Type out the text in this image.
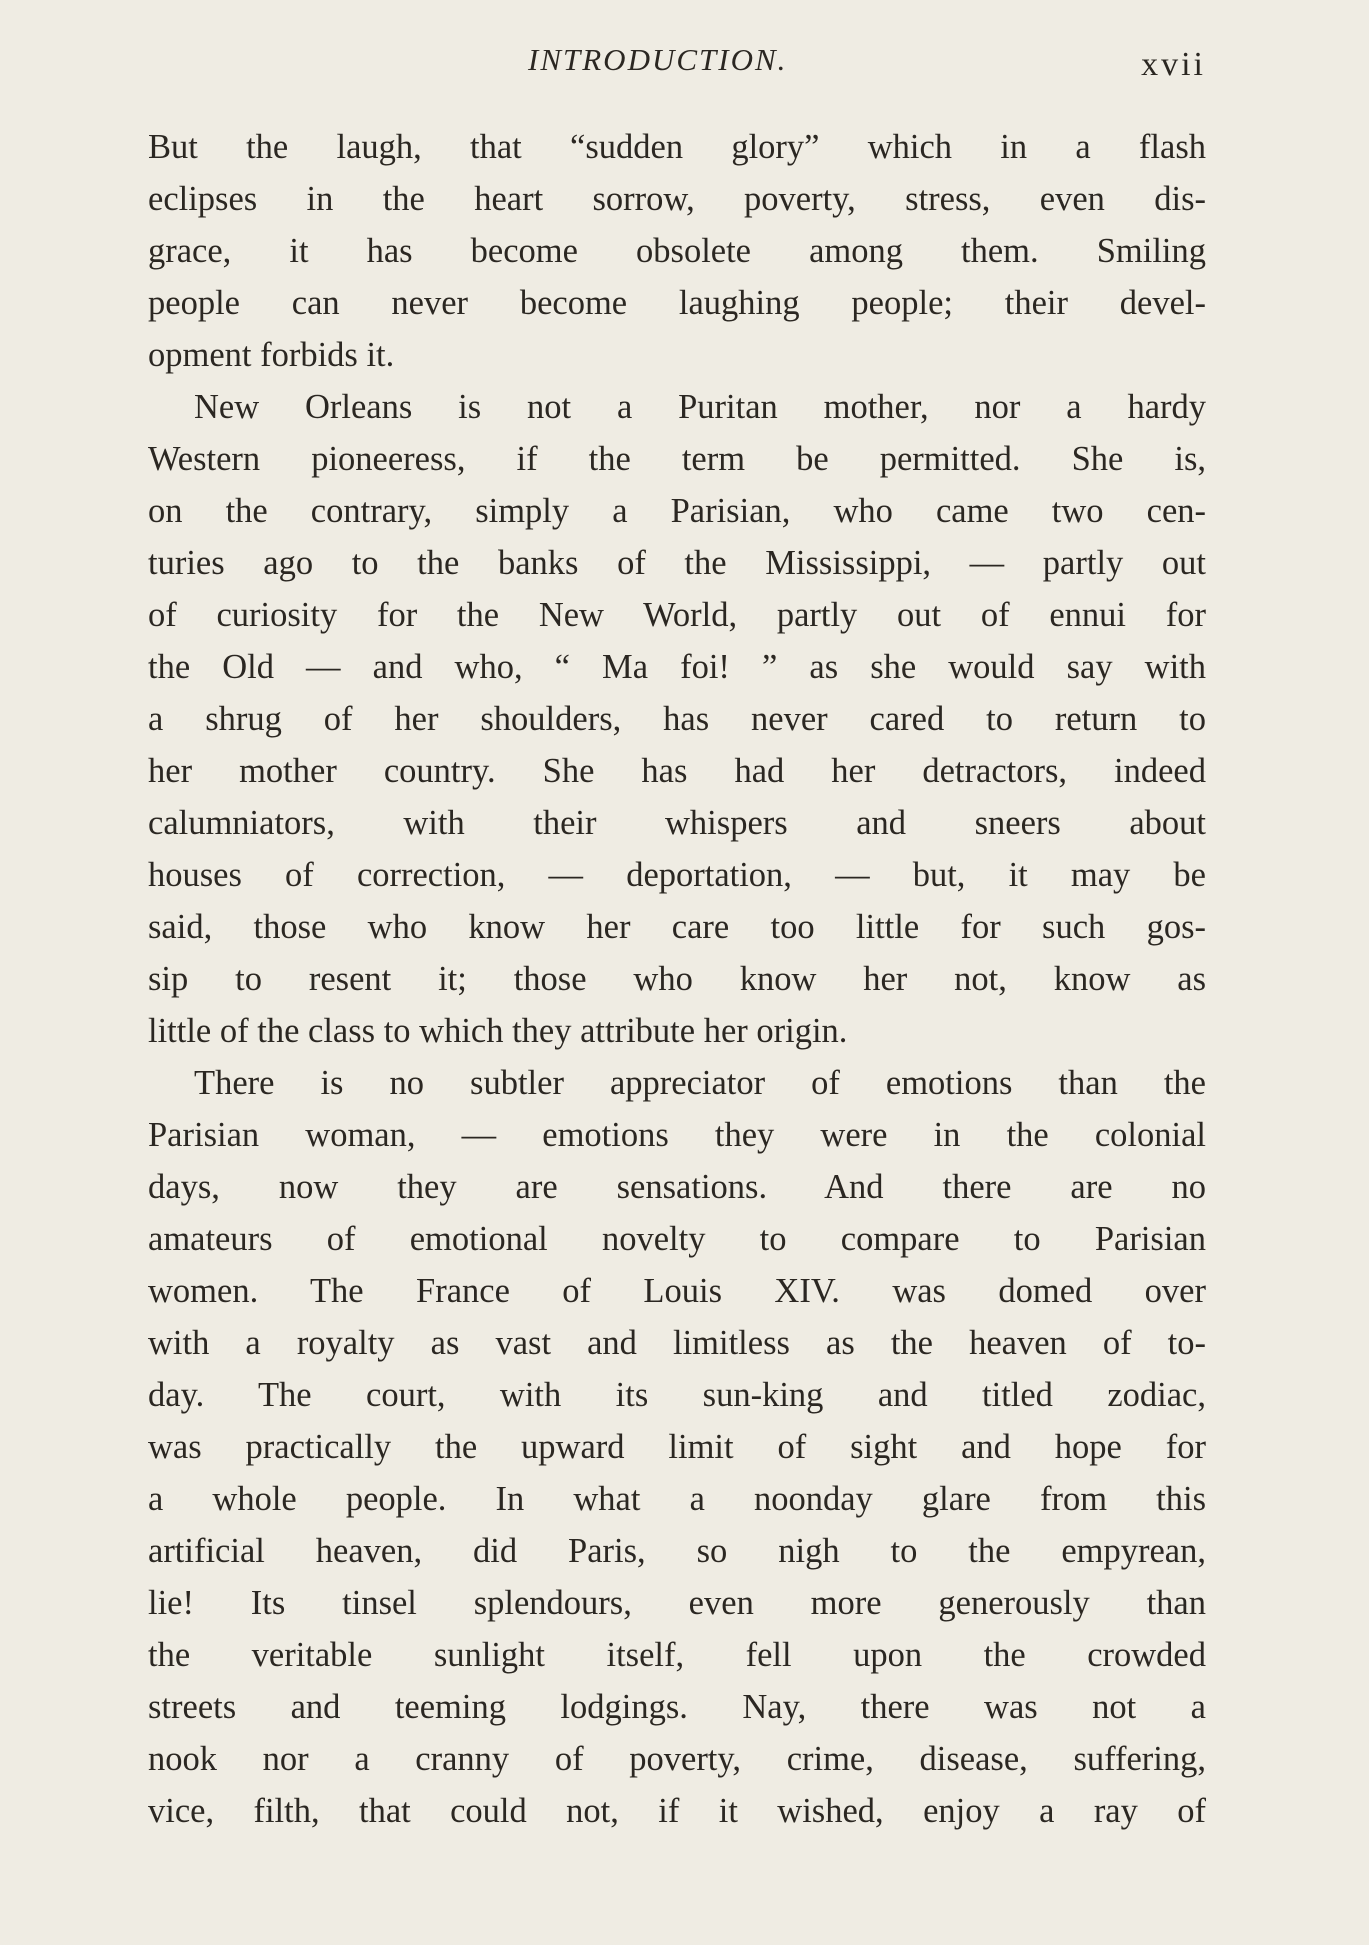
INTRODUCTION.	xvii
But the laugh, that “sudden glory” which in a flash
eclipses in the heart sorrow, poverty, stress, even dis-
grace, it has become obsolete among them. Smiling
people can never become laughing people; their devel-
opment forbids it.
New Orleans is not a Puritan mother, nor a hardy
Western pioneeress, if the term be permitted. She is,
on the contrary, simply a Parisian, who came two cen-
turies ago to the banks of the Mississippi, — partly out
of curiosity for the New World, partly out of ennui for
the Old — and who, “ Ma foi! ” as she would say with
a shrug of her shoulders, has never cared to return to
her mother country. She has had her detractors, indeed
calumniators, with their whispers and sneers about
houses of correction, — deportation, — but, it may be
said, those who know her care too little for such gos-
sip to resent it; those who know her not, know as
little of the class to which they attribute her origin.
There is no subtler appreciator of emotions than the
Parisian woman, — emotions they were in the colonial
days, now they are sensations. And there are no
amateurs of emotional novelty to compare to Parisian
women. The France of Louis XIV. was domed over
with a royalty as vast and limitless as the heaven of to-
day. The court, with its sun-king and titled zodiac,
was practically the upward limit of sight and hope for
a whole people. In what a noonday glare from this
artificial heaven, did Paris, so nigh to the empyrean,
lie! Its tinsel splendours, even more generously than
the veritable sunlight itself, fell upon the crowded
streets and teeming lodgings. Nay, there was not a
nook nor a cranny of poverty, crime, disease, suffering,
vice, filth, that could not, if it wished, enjoy a ray of
